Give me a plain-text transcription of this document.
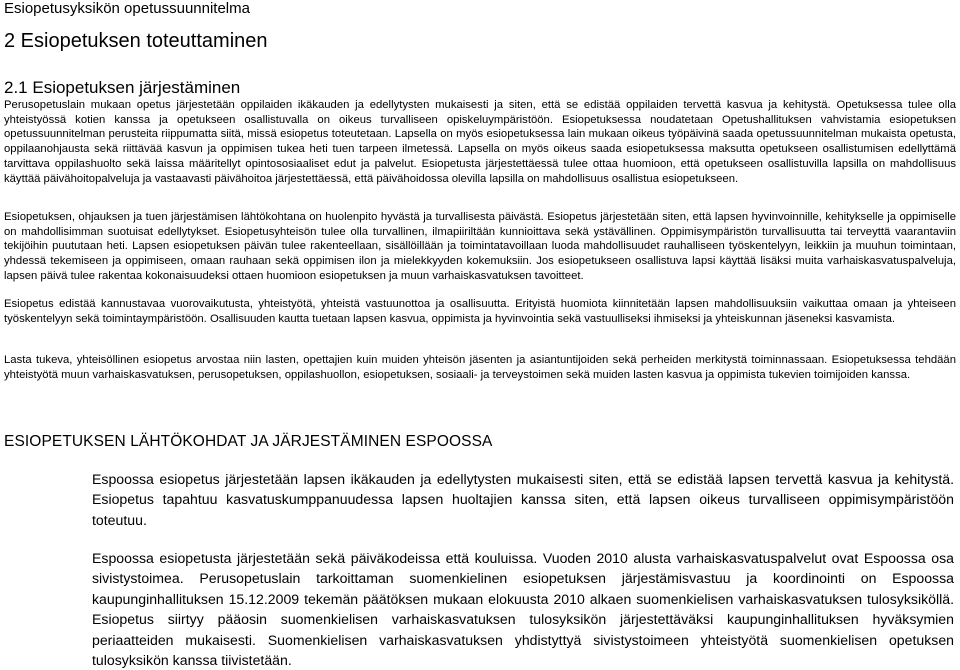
Esiopetusyksikön opetussuunnitelma

2 Esiopetuksen toteuttaminen
2.1 Esiopetuksen järjestäminen

Perusopetuslain mukaan opetus järjestetään oppilaiden ikäkauden ja edellytysten mukaisesti ja siten, että se edistää oppilaiden tervettä kasvua ja kehitystä. Opetuksessa tulee olla yhteistyössä kotien kanssa ja opetukseen osallistuvalla on oikeus turvalliseen opiskeluympäristöön. Esiopetuksessa noudatetaan Opetushallituksen vahvistamia esiopetuksen opetussuunnitelman perusteita riippumatta siitä, missä esiopetus toteutetaan. Lapsella on myös esiopetuksessa lain mukaan oikeus työpäivinä saada opetussuunnitelman mukaista opetusta, oppilaanohjausta sekä riittävää kasvun ja oppimisen tukea heti tuen tarpeen ilmetessä. Lapsella on myös oikeus saada esiopetuksessa maksutta opetukseen osallistumisen edellyttämä tarvittava oppilashuolto sekä laissa määritellyt opintososiaaliset edut ja palvelut. Esiopetusta järjestettäessä tulee ottaa huomioon, että opetukseen osallistuvilla lapsilla on mahdollisuus käyttää päivähoitopalveluja ja vastaavasti päivähoitoa järjestettäessä, että päivähoidossa olevilla lapsilla on mahdollisuus osallistua esiopetukseen.

Esiopetuksen, ohjauksen ja tuen järjestämisen lähtökohtana on huolenpito hyvästä ja turvallisesta päivästä. Esiopetus järjestetään siten, että lapsen hyvinvoinnille, kehitykselle ja oppimiselle on mahdollisimman suotuisat edellytykset. Esiopetusyhteisön tulee olla turvallinen, ilmapiiriltään kunnioittava sekä ystävällinen. Oppimisympäristön turvallisuutta tai terveyttä vaarantaviin tekijöihin puututaan heti. Lapsen esiopetuksen päivän tulee rakenteellaan, sisällöillään ja toimintatavoillaan luoda mahdollisuudet rauhalliseen työskentelyyn, leikkiin ja muuhun toimintaan, yhdessä tekemiseen ja oppimiseen, omaan rauhaan sekä oppimisen ilon ja mielekkyyden kokemuksiin. Jos esiopetukseen osallistuva lapsi käyttää lisäksi muita varhaiskasvatuspalveluja, lapsen päivä tulee rakentaa kokonaisuudeksi ottaen huomioon esiopetuksen ja muun varhaiskasvatuksen tavoitteet.

Esiopetus edistää kannustavaa vuorovaikutusta, yhteistyötä, yhteistä vastuunottoa ja osallisuutta. Erityistä huomiota kiinnitetään lapsen mahdollisuuksiin vaikuttaa omaan ja yhteiseen työskentelyyn sekä toimintaympäristöön. Osallisuuden kautta tuetaan lapsen kasvua, oppimista ja hyvinvointia sekä vastuulliseksi ihmiseksi ja yhteiskunnan jäseneksi kasvamista.

Lasta tukeva, yhteisöllinen esiopetus arvostaa niin lasten, opettajien kuin muiden yhteisön jäsenten ja asiantuntijoiden sekä perheiden merkitystä toiminnassaan. Esiopetuksessa tehdään yhteistyötä muun varhaiskasvatuksen, perusopetuksen, oppilashuollon, esiopetuksen, sosiaali- ja terveystoimen sekä muiden lasten kasvua ja oppimista tukevien toimijoiden kanssa.

ESIOPETUKSEN LÄHTÖKOHDAT JA JÄRJESTÄMINEN ESPOOSSA

Espoossa esiopetus järjestetään lapsen ikäkauden ja edellytysten mukaisesti siten, että se edistää lapsen tervettä kasvua ja kehitystä. Esiopetus tapahtuu kasvatuskumppanuudessa lapsen huoltajien kanssa siten, että lapsen oikeus turvalliseen oppimisympäristöön toteutuu.

Espoossa esiopetusta järjestetään sekä päiväkodeissa että kouluissa. Vuoden 2010 alusta varhaiskasvatuspalvelut ovat Espoossa osa sivistystoimea. Perusopetuslain tarkoittaman suomenkielinen esiopetuksen järjestämisvastuu ja koordinointi on Espoossa kaupunginhallituksen 15.12.2009 tekemän päätöksen mukaan elokuusta 2010 alkaen suomenkielisen varhaiskasvatuksen tulosyksiköllä. Esiopetus siirtyy pääosin suomenkielisen varhaiskasvatuksen tulosyksikön järjestettäväksi kaupunginhallituksen hyväksymien periaatteiden mukaisesti. Suomenkielisen varhaiskasvatuksen yhdistyttyä sivistystoimeen yhteistyötä suomenkielisen opetuksen tulosyksikön kanssa tiivistetään.
